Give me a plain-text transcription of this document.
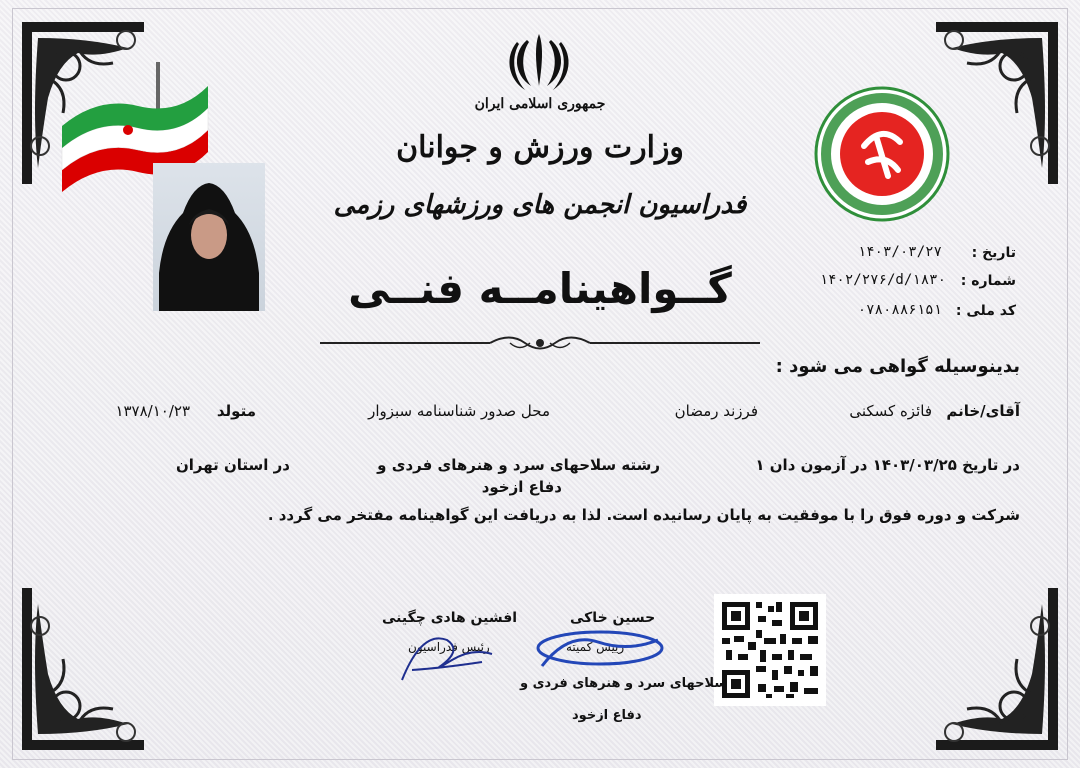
جمهوری اسلامی ایران
وزارت ورزش و جوانان
فدراسیون انجمن های ورزشهای رزمی
تاریخ :
۱۴۰۳/۰۳/۲۷
شماره :
۱۴۰۲/۲۷۶/d/۱۸۳۰
کد ملی :
۰۷۸۰۸۸۶۱۵۱
گــواهینامــه فنــی
بدینوسیله گواهی می شود :
آقای/خانم
فائزه کسکنی
فرزند رمضان
محل صدور شناسنامه سبزوار
متولد
۱۳۷۸/۱۰/۲۳
در تاریخ ۱۴۰۳/۰۳/۲۵ در آزمون دان ۱
رشته سلاحهای سرد و هنرهای فردی و
در استان تهران
دفاع ازخود
شرکت و دوره فوق را با موفقیت به پایان رسانیده است. لذا به دریافت این گواهینامه مفتخر می گردد .
افشین هادی چگینی
رئیس فدراسیون
حسین خاکی
رییس کمیته
سلاحهای سرد و هنرهای فردی و
دفاع ازخود
